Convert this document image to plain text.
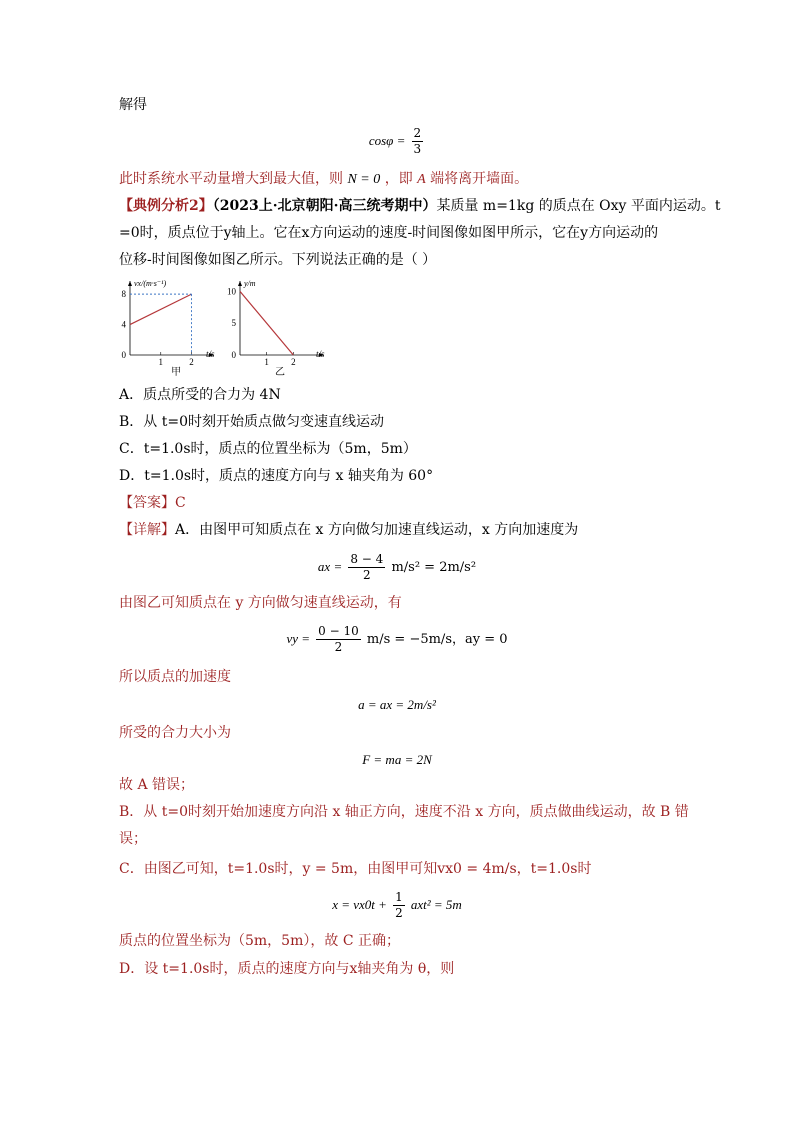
解得
$\cos\varphi = \frac{2}{3}$
此时系统水平动量增大到最大值，则 N = 0 ，即 A 端将离开墙面。
【典例分析2】（2023上·北京朝阳·高三统考期中）某质量 m=1kg 的质点在 Oxy 平面内运动。t
=0时，质点位于y轴上。它在x方向运动的速度-时间图像如图甲所示，它在y方向运动的
位移-时间图像如图乙所示。下列说法正确的是（ ）
0
4
8
1	2
t/s
vx/(m·s⁻¹)
甲
0
5
10
1 2
t/s
y/m
乙
A．质点所受的合力为 4N
B．从 t=0时刻开始质点做匀变速直线运动
C．t=1.0s时，质点的位置坐标为（5m，5m）
D．t=1.0s时，质点的速度方向与 x 轴夹角为 60°
【答案】C
【详解】A．由图甲可知质点在 x 方向做匀加速直线运动，x 方向加速度为
ax = $\frac{8 - 4}{2} m/s^2 = 2m/s^2$
由图乙可知质点在 y 方向做匀速直线运动，有
vy = $\frac{0 - 10}{2} m/s = -5m/s$，ay = 0
所以质点的加速度
a = ax = 2m/s²
所受的合力大小为
F = ma = 2N
故 A 错误；
B．从 t=0时刻开始加速度方向沿 x 轴正方向，速度不沿 x 方向，质点做曲线运动，故 B 错
误；
C．由图乙可知，t=1.0s时，y = 5m，由图甲可知vx0 = 4m/s，t=1.0s时
$x = vx0t + \frac{1}{2} axt^2 = 5m$
质点的位置坐标为（5m，5m），故 C 正确；
D．设 t=1.0s时，质点的速度方向与x轴夹角为 θ，则
